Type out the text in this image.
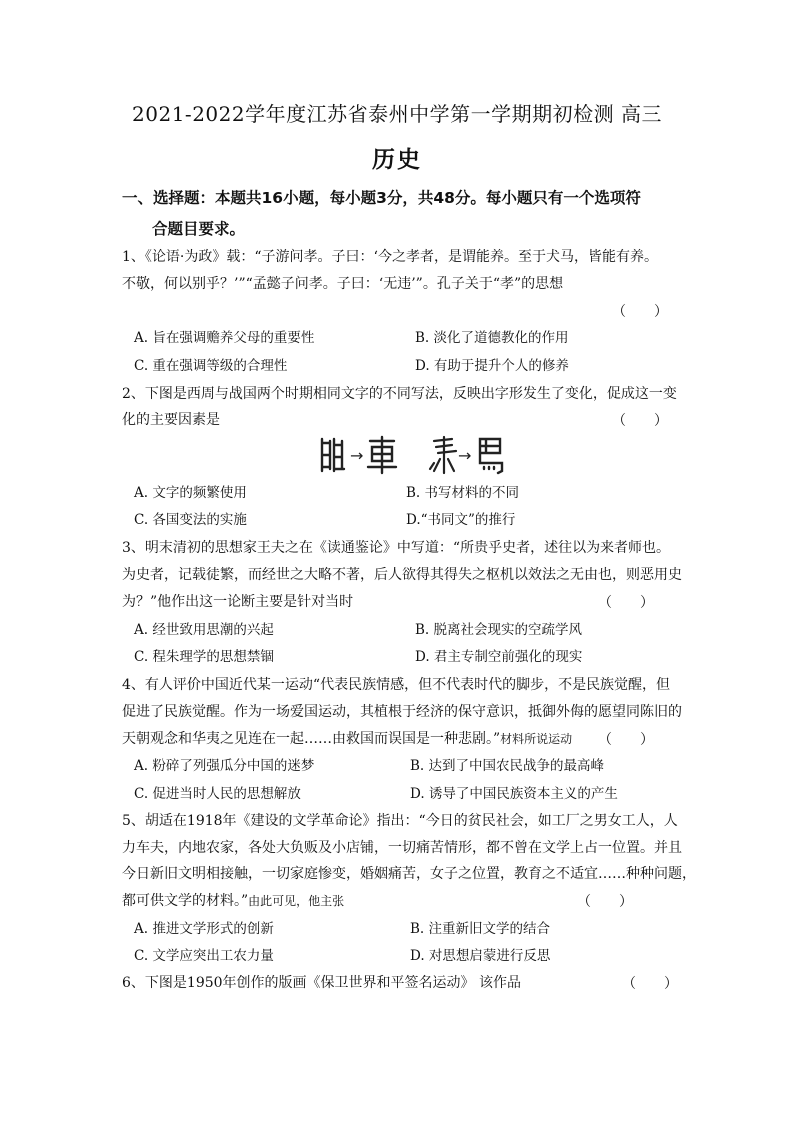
2021-2022学年度江苏省泰州中学第一学期期初检测 高三
历史
一、选择题：本题共16小题，每小题3分，共48分。每小题只有一个选项符
合题目要求。
1、《论语·为政》载：“子游问孝。子曰：‘今之孝者，是谓能养。至于犬马，皆能有养。
不敬，何以别乎？’”“孟懿子问孝。子曰：‘无违’”。孔子关于“孝”的思想
（　　）
A. 旨在强调赡养父母的重要性	B. 淡化了道德教化的作用
C. 重在强调等级的合理性	D. 有助于提升个人的修养
2、下图是西周与战国两个时期相同文字的不同写法，反映出字形发生了变化，促成这一变
化的主要因素是	（　　）
→	→
A. 文字的频繁使用	B. 书写材料的不同
C. 各国变法的实施	D.“书同文”的推行
3、明末清初的思想家王夫之在《读通鉴论》中写道：“所贵乎史者，述往以为来者师也。
为史者，记载徒繁，而经世之大略不著，后人欲得其得失之枢机以效法之无由也，则恶用史
为？”他作出这一论断主要是针对当时	（　　）
A. 经世致用思潮的兴起	B. 脱离社会现实的空疏学风
C. 程朱理学的思想禁锢	D. 君主专制空前强化的现实
4、有人评价中国近代某一运动“代表民族情感，但不代表时代的脚步，不是民族觉醒，但
促进了民族觉醒。作为一场爱国运动，其植根于经济的保守意识，抵御外侮的愿望同陈旧的
天朝观念和华夷之见连在一起……由救国而误国是一种悲剧。”材料所说运动 （　　）
A. 粉碎了列强瓜分中国的迷梦	B. 达到了中国农民战争的最高峰
C. 促进当时人民的思想解放	D. 诱导了中国民族资本主义的产生
5、胡适在1918年《建设的文学革命论》指出：“今日的贫民社会，如工厂之男女工人，人
力车夫，内地农家，各处大负贩及小店铺，一切痛苦情形，都不曾在文学上占一位置。并且
今日新旧文明相接触，一切家庭惨变，婚姻痛苦，女子之位置，教育之不适宜……种种问题，
都可供文学的材料。”由此可见，他主张	（　　）
A. 推进文学形式的创新	B. 注重新旧文学的结合
C. 文学应突出工农力量	D. 对思想启蒙进行反思
6、下图是1950年创作的版画《保卫世界和平签名运动》 该作品	（　　）
